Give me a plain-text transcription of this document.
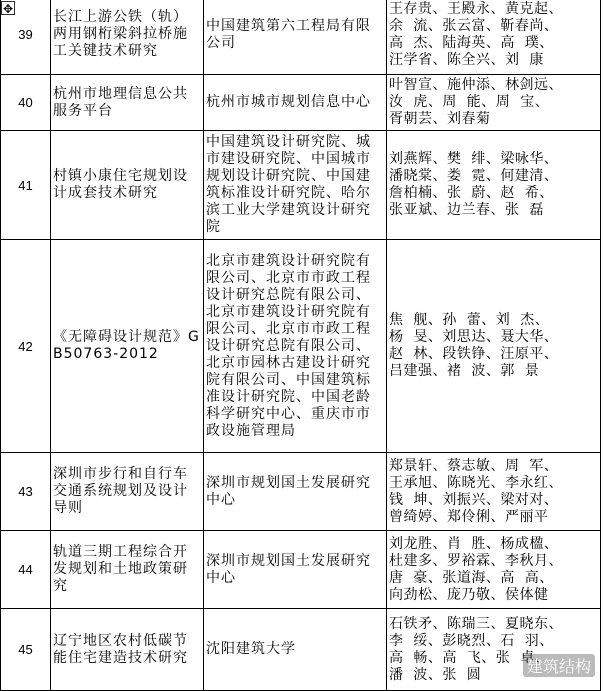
✥
39	长江上游公铁（轨）两用钢桁梁斜拉桥施工关键技术研究	中国建筑第六工程局有限公司	王存贵、王殿永、黄克起、
余  流、张云富、靳春尚、
高  杰、陆海英、高  璞、
汪学省、陈全兴、刘  康
40	杭州市地理信息公共服务平台	杭州市城市规划信息中心	叶智宣、施仲添、林剑远、
汝  虎、周  能、周  宝、
胥朝芸、刘春菊
41	村镇小康住宅规划设计成套技术研究	中国建筑设计研究院、城市建设研究院、中国城市规划设计研究院、中国建筑标准设计研究院、哈尔滨工业大学建筑设计研究院	刘燕辉、樊  绯、梁咏华、
潘晓棠、娄  霓、何建清、
詹柏楠、张  蔚、赵  希、
张亚斌、边兰春、张  磊
42	《无障碍设计规范》GB50763-2012	北京市建筑设计研究院有限公司、北京市市政工程设计研究总院有限公司、北京市建筑设计研究院有限公司、北京市市政工程设计研究总院有限公司、北京市园林古建设计研究院有限公司、中国建筑标准设计研究院、中国老龄科学研究中心、重庆市市政设施管理局	焦  舰、孙  蕾、刘  杰、
杨  旻、刘思达、聂大华、
赵  林、段铁铮、汪原平、
吕建强、褚  波、郭  景
43	深圳市步行和自行车交通系统规划及设计导则	深圳市规划国土发展研究中心	郑景轩、蔡志敏、周  军、
王承旭、陈晓光、李永红、
钱  坤、刘振兴、梁对对、
曾绮婷、郑伶俐、严丽平
44	轨道三期工程综合开发规划和土地政策研究	深圳市规划国土发展研究中心	刘龙胜、肖  胜、杨成楹、
杜建多、罗裕霖、李秋月、
唐  豪、张道海、高  高、
向劲松、庞乃敬、侯体健
45	辽宁地区农村低碳节能住宅建造技术研究	沈阳建筑大学	石铁矛、陈瑞三、夏晓东、
李  绥、彭晓烈、石  羽、
高  畅、高  飞、张  卓、
潘  波、张  圆	建筑结构
